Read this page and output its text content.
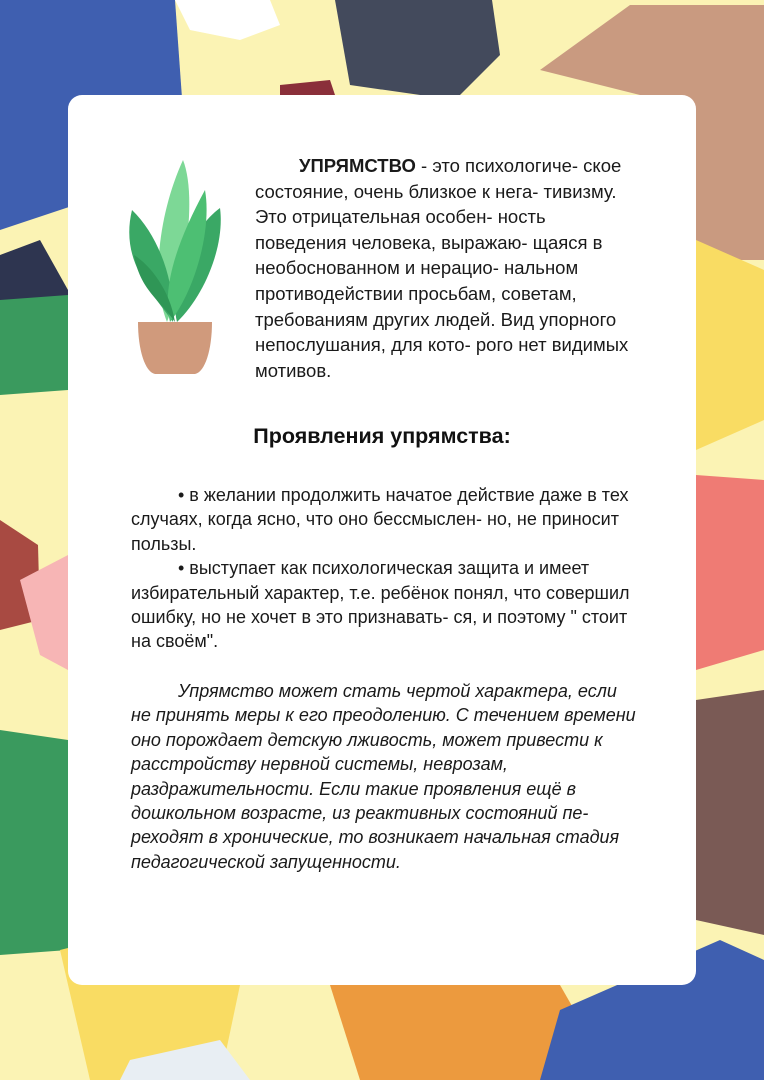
УПРЯМСТВО - это психологиче- ское состояние, очень близкое к нега- тивизму. Это отрицательная особен- ность поведения человека, выражаю- щаяся в необоснованном и нерацио- нальном противодействии просьбам, советам, требованиям других людей. Вид упорного непослушания, для кото- рого нет видимых мотивов.

Проявления упрямства:

• в желании продолжить начатое действие даже в тех случаях, когда ясно, что оно бессмыслен- но, не приносит пользы.

• выступает как психологическая защита и имеет избирательный характер, т.е. ребёнок понял, что совершил ошибку, но не хочет в это признавать- ся, и поэтому " стоит на своём".

Упрямство может стать чертой характера, если не принять меры к его преодолению. С течением времени оно порождает детскую лживость, может привести к расстройству нервной системы, неврозам, раздражительности. Если такие проявления ещё в дошкольном возрасте, из реактивных состояний пе- реходят в хронические, то возникает начальная стадия педагогической запущенности.
